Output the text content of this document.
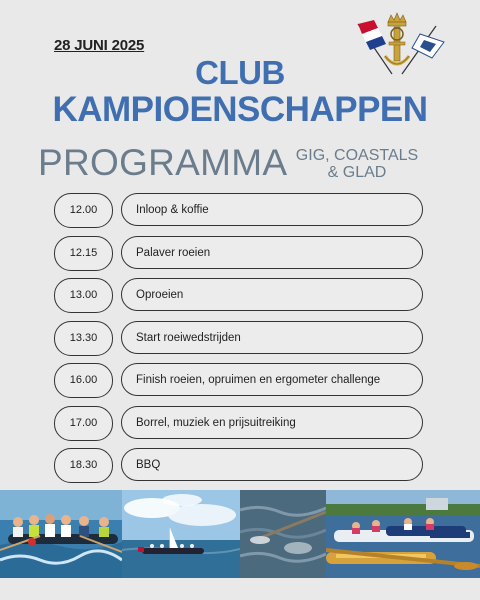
28 JUNI 2025
CLUB
KAMPIOENSCHAPPEN
PROGRAMMA GIG, COASTALS
& GLAD
12.00	Inloop & koffie
12.15	Palaver roeien
13.00	Oproeien
13.30	Start roeiwedstrijden
16.00	Finish roeien, opruimen en ergometer challenge
17.00	Borrel, muziek en prijsuitreiking
18.30	BBQ
